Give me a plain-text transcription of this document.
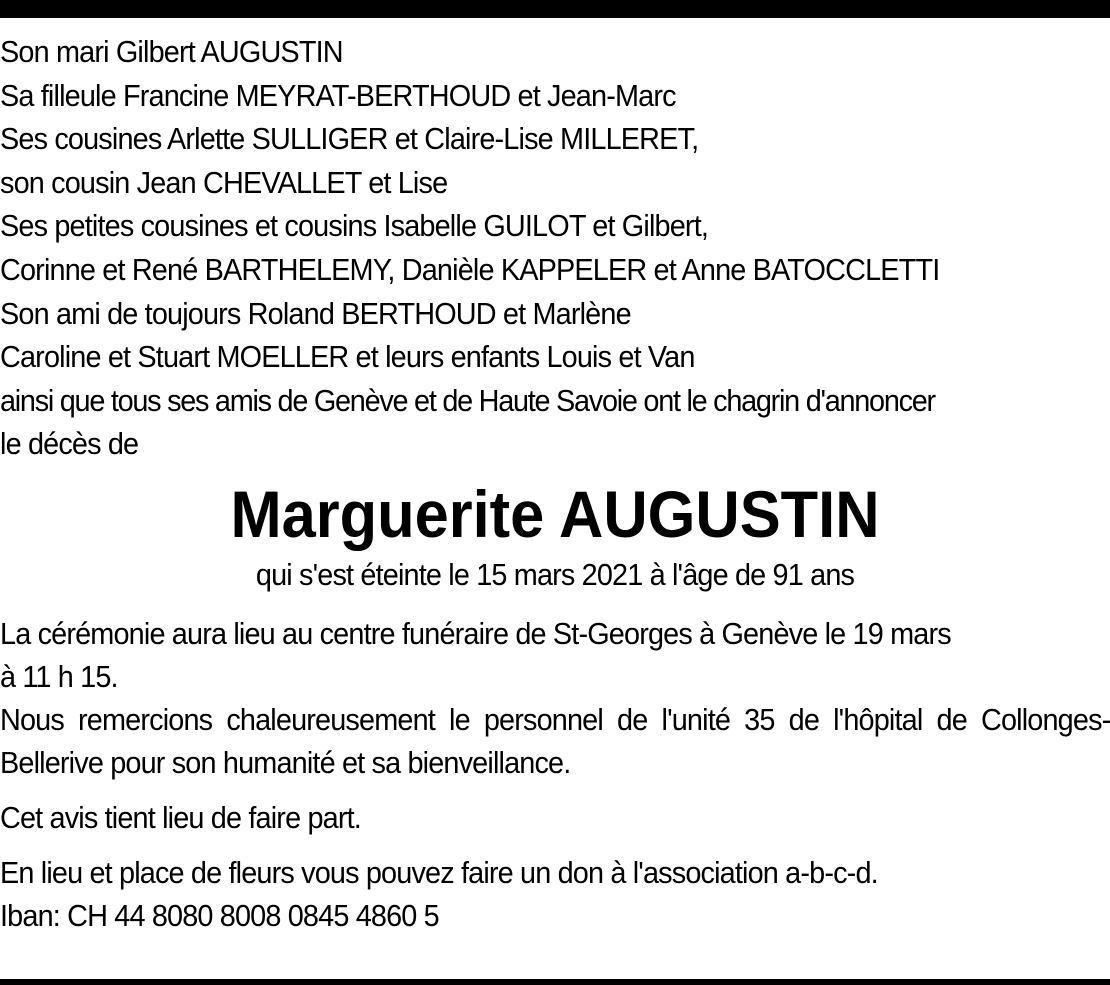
Son mari Gilbert AUGUSTIN
Sa filleule Francine MEYRAT-BERTHOUD et Jean-Marc
Ses cousines Arlette SULLIGER et Claire-Lise MILLERET,
son cousin Jean CHEVALLET et Lise
Ses petites cousines et cousins Isabelle GUILOT et Gilbert,
Corinne et René BARTHELEMY, Danièle KAPPELER et Anne BATOCCLETTI
Son ami de toujours Roland BERTHOUD et Marlène
Caroline et Stuart MOELLER et leurs enfants Louis et Van
ainsi que tous ses amis de Genève et de Haute Savoie ont le chagrin d'annoncer
le décès de
Marguerite AUGUSTIN
qui s'est éteinte le 15 mars 2021 à l'âge de 91 ans
La cérémonie aura lieu au centre funéraire de St-Georges à Genève le 19 mars
à 11 h 15.
Nous remercions chaleureusement le personnel de l'unité 35 de l'hôpital de Collonges-Bellerive pour son humanité et sa bienveillance.
Cet avis tient lieu de faire part.
En lieu et place de fleurs vous pouvez faire un don à l'association a-b-c-d.
Iban: CH 44 8080 8008 0845 4860 5
